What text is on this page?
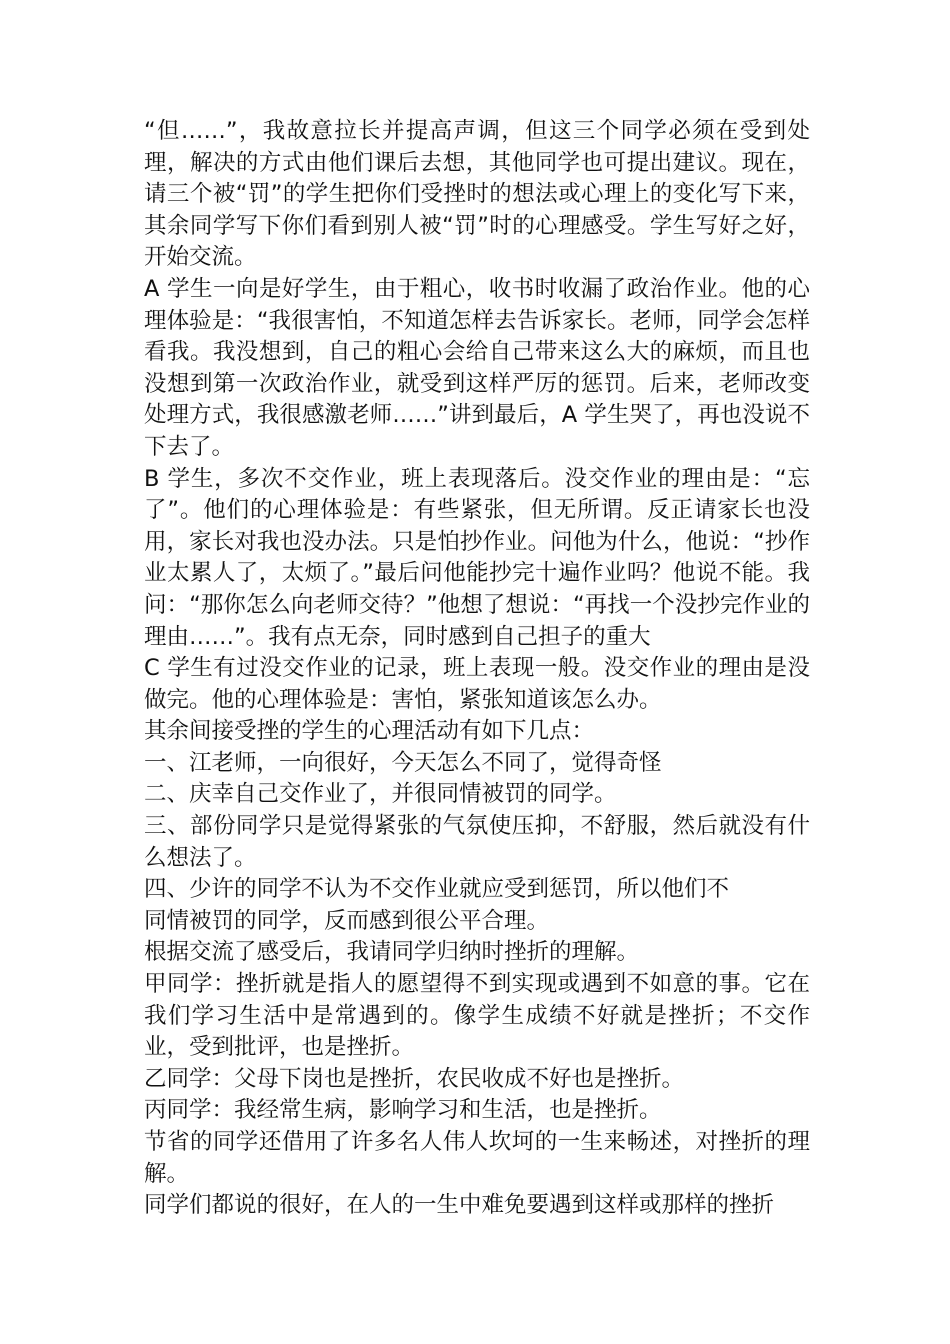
“但……”，我故意拉长并提高声调，但这三个同学必须在受到处理，解决的方式由他们课后去想，其他同学也可提出建议。现在，请三个被“罚”的学生把你们受挫时的想法或心理上的变化写下来，其余同学写下你们看到别人被“罚”时的心理感受。学生写好之好，开始交流。

A 学生一向是好学生，由于粗心，收书时收漏了政治作业。他的心理体验是：“我很害怕，不知道怎样去告诉家长。老师，同学会怎样看我。我没想到，自己的粗心会给自己带来这么大的麻烦，而且也没想到第一次政治作业，就受到这样严厉的惩罚。后来，老师改变处理方式，我很感激老师……”讲到最后，A 学生哭了，再也没说不下去了。

B 学生，多次不交作业，班上表现落后。没交作业的理由是：“忘了”。他们的心理体验是：有些紧张，但无所谓。反正请家长也没用，家长对我也没办法。只是怕抄作业。问他为什么，他说：“抄作业太累人了，太烦了。”最后问他能抄完十遍作业吗？他说不能。我问：“那你怎么向老师交待？”他想了想说：“再找一个没抄完作业的理由……”。我有点无奈，同时感到自己担子的重大

C 学生有过没交作业的记录，班上表现一般。没交作业的理由是没做完。他的心理体验是：害怕，紧张知道该怎么办。

其余间接受挫的学生的心理活动有如下几点：

一、江老师，一向很好，今天怎么不同了，觉得奇怪

二、庆幸自己交作业了，并很同情被罚的同学。

三、部份同学只是觉得紧张的气氛使压抑，不舒服，然后就没有什么想法了。

四、少许的同学不认为不交作业就应受到惩罚，所以他们不

同情被罚的同学，反而感到很公平合理。

根据交流了感受后，我请同学归纳时挫折的理解。

甲同学：挫折就是指人的愿望得不到实现或遇到不如意的事。它在我们学习生活中是常遇到的。像学生成绩不好就是挫折；不交作业，受到批评，也是挫折。

乙同学：父母下岗也是挫折，农民收成不好也是挫折。

丙同学：我经常生病，影响学习和生活，也是挫折。

节省的同学还借用了许多名人伟人坎坷的一生来畅述，对挫折的理解。

同学们都说的很好，在人的一生中难免要遇到这样或那样的挫折
